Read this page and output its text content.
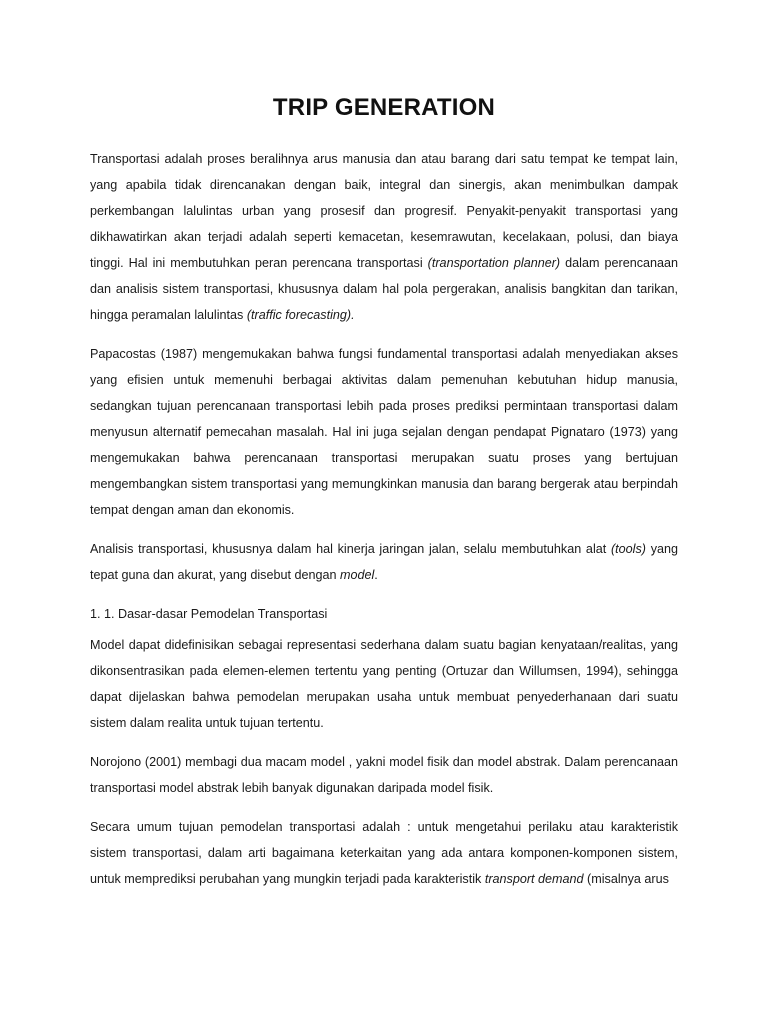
TRIP GENERATION

Transportasi adalah proses beralihnya arus manusia dan atau barang dari satu tempat ke tempat lain, yang apabila tidak direncanakan dengan baik, integral dan sinergis, akan menimbulkan dampak perkembangan lalulintas urban yang prosesif dan progresif. Penyakit-penyakit transportasi yang dikhawatirkan akan terjadi adalah seperti kemacetan, kesemrawutan, kecelakaan, polusi, dan biaya tinggi. Hal ini membutuhkan peran perencana transportasi (transportation planner) dalam perencanaan dan analisis sistem transportasi, khususnya dalam hal pola pergerakan, analisis bangkitan dan tarikan, hingga peramalan lalulintas (traffic forecasting).

Papacostas (1987) mengemukakan bahwa fungsi fundamental transportasi adalah menyediakan akses yang efisien untuk memenuhi berbagai aktivitas dalam pemenuhan kebutuhan hidup manusia, sedangkan tujuan perencanaan transportasi lebih pada proses prediksi permintaan transportasi dalam menyusun alternatif pemecahan masalah. Hal ini juga sejalan dengan pendapat Pignataro (1973) yang mengemukakan bahwa perencanaan transportasi merupakan suatu proses yang bertujuan mengembangkan sistem transportasi yang memungkinkan manusia dan barang bergerak atau berpindah tempat dengan aman dan ekonomis.

Analisis transportasi, khususnya dalam hal kinerja jaringan jalan, selalu membutuhkan alat (tools) yang tepat guna dan akurat, yang disebut dengan model.

1. 1. Dasar-dasar Pemodelan Transportasi

Model dapat didefinisikan sebagai representasi sederhana dalam suatu bagian kenyataan/realitas, yang dikonsentrasikan pada elemen-elemen tertentu yang penting (Ortuzar dan Willumsen, 1994), sehingga dapat dijelaskan bahwa pemodelan merupakan usaha untuk membuat penyederhanaan dari suatu sistem dalam realita untuk tujuan tertentu.

Norojono (2001) membagi dua macam model , yakni model fisik dan model abstrak. Dalam perencanaan transportasi model abstrak lebih banyak digunakan daripada model fisik.

Secara umum tujuan pemodelan transportasi adalah : untuk mengetahui perilaku atau karakteristik sistem transportasi, dalam arti bagaimana keterkaitan yang ada antara komponen-komponen sistem, untuk memprediksi perubahan yang mungkin terjadi pada karakteristik transport demand (misalnya arus
